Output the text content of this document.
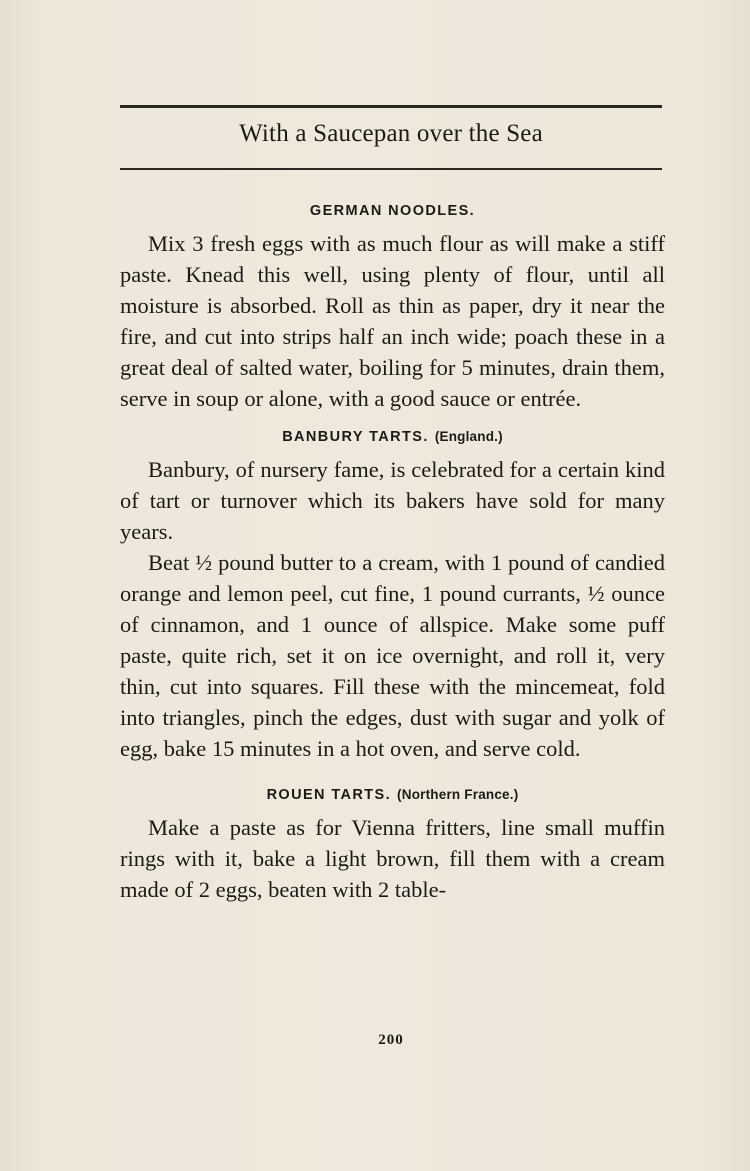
With a Saucepan over the Sea
GERMAN NOODLES.

Mix 3 fresh eggs with as much flour as will make a stiff paste. Knead this well, using plenty of flour, until all moisture is absorbed. Roll as thin as paper, dry it near the fire, and cut into strips half an inch wide; poach these in a great deal of salted water, boiling for 5 minutes, drain them, serve in soup or alone, with a good sauce or entrée.

BANBURY TARTS. (England.)

Banbury, of nursery fame, is celebrated for a certain kind of tart or turnover which its bakers have sold for many years.

Beat ½ pound butter to a cream, with 1 pound of candied orange and lemon peel, cut fine, 1 pound currants, ½ ounce of cinnamon, and 1 ounce of allspice. Make some puff paste, quite rich, set it on ice overnight, and roll it, very thin, cut into squares. Fill these with the mincemeat, fold into triangles, pinch the edges, dust with sugar and yolk of egg, bake 15 minutes in a hot oven, and serve cold.

ROUEN TARTS. (Northern France.)

Make a paste as for Vienna fritters, line small muffin rings with it, bake a light brown, fill them with a cream made of 2 eggs, beaten with 2 table-

200
